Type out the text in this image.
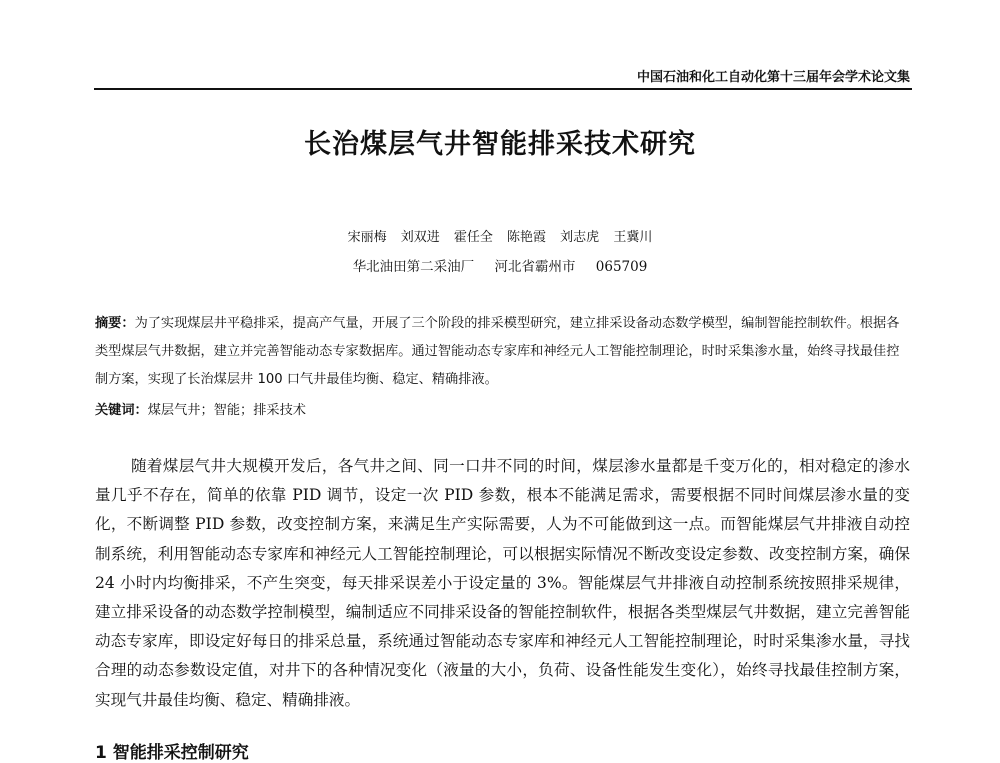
中国石油和化工自动化第十三届年会学术论文集
长治煤层气井智能排采技术研究
宋丽梅 刘双进 霍任全 陈艳霞 刘志虎 王冀川
华北油田第二采油厂 河北省霸州市 065709
摘要：为了实现煤层井平稳排采，提高产气量，开展了三个阶段的排采模型研究，建立排采设备动态数学模型，编制智能控制软件。根据各类型煤层气井数据，建立并完善智能动态专家数据库。通过智能动态专家库和神经元人工智能控制理论，时时采集渗水量，始终寻找最佳控制方案，实现了长治煤层井 100 口气井最佳均衡、稳定、精确排液。
关键词：煤层气井；智能；排采技术
随着煤层气井大规模开发后，各气井之间、同一口井不同的时间，煤层渗水量都是千变万化的，相对稳定的渗水量几乎不存在，简单的依靠 PID 调节，设定一次 PID 参数，根本不能满足需求，需要根据不同时间煤层渗水量的变化，不断调整 PID 参数，改变控制方案，来满足生产实际需要，人为不可能做到这一点。而智能煤层气井排液自动控制系统，利用智能动态专家库和神经元人工智能控制理论，可以根据实际情况不断改变设定参数、改变控制方案，确保 24 小时内均衡排采，不产生突变，每天排采误差小于设定量的 3%。智能煤层气井排液自动控制系统按照排采规律，建立排采设备的动态数学控制模型，编制适应不同排采设备的智能控制软件，根据各类型煤层气井数据，建立完善智能动态专家库，即设定好每日的排采总量，系统通过智能动态专家库和神经元人工智能控制理论，时时采集渗水量，寻找合理的动态参数设定值，对井下的各种情况变化（液量的大小，负荷、设备性能发生变化），始终寻找最佳控制方案，实现气井最佳均衡、稳定、精确排液。
1 智能排采控制研究
